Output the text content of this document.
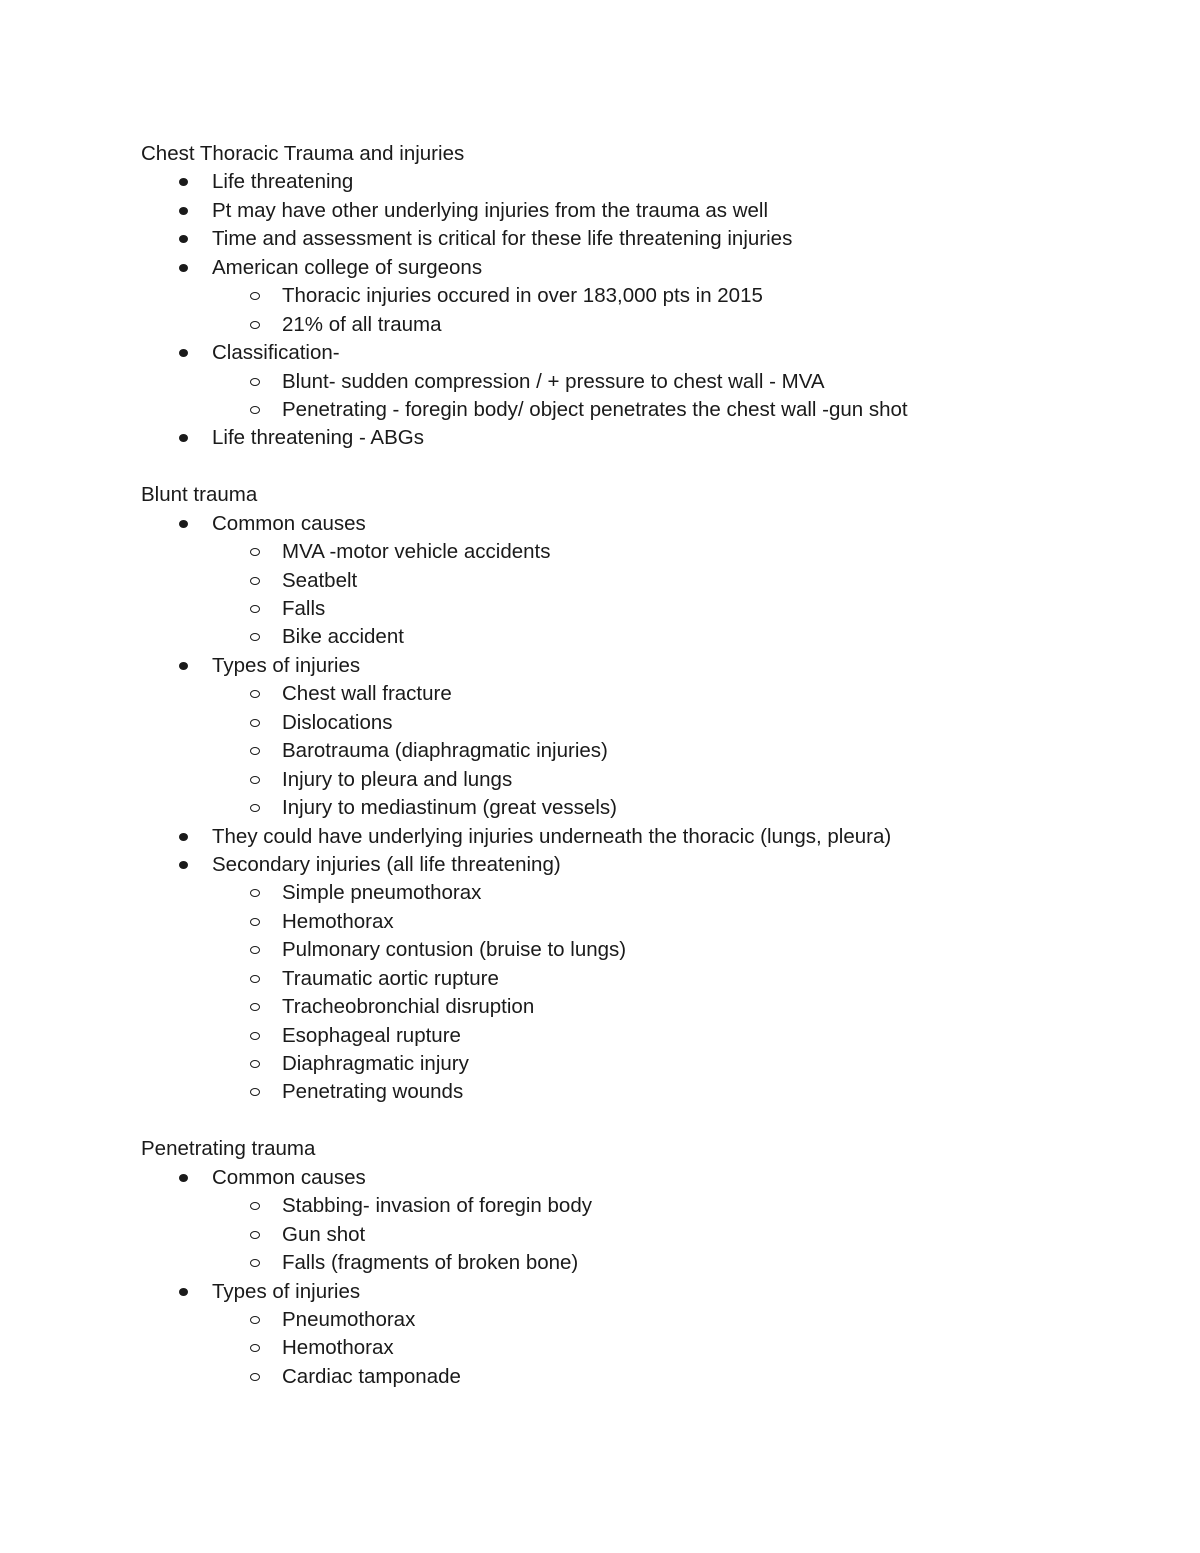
Chest Thoracic Trauma and injuries
Life threatening
Pt may have other underlying injuries from the trauma as well
Time and assessment is critical for these life threatening injuries
American college of surgeons
Thoracic injuries occured in over 183,000 pts in 2015
21% of all trauma
Classification-
Blunt- sudden compression / + pressure to chest wall - MVA
Penetrating - foregin body/ object penetrates the chest wall -gun shot
Life threatening - ABGs
Blunt trauma
Common causes
MVA -motor vehicle accidents
Seatbelt
Falls
Bike accident
Types of injuries
Chest wall fracture
Dislocations
Barotrauma (diaphragmatic injuries)
Injury to pleura and lungs
Injury to mediastinum (great vessels)
They could have underlying injuries underneath the thoracic (lungs, pleura)
Secondary injuries (all life threatening)
Simple pneumothorax
Hemothorax
Pulmonary contusion (bruise to lungs)
Traumatic aortic rupture
Tracheobronchial disruption
Esophageal rupture
Diaphragmatic injury
Penetrating wounds
Penetrating trauma
Common causes
Stabbing- invasion of foregin body
Gun shot
Falls (fragments of broken bone)
Types of injuries
Pneumothorax
Hemothorax
Cardiac tamponade
